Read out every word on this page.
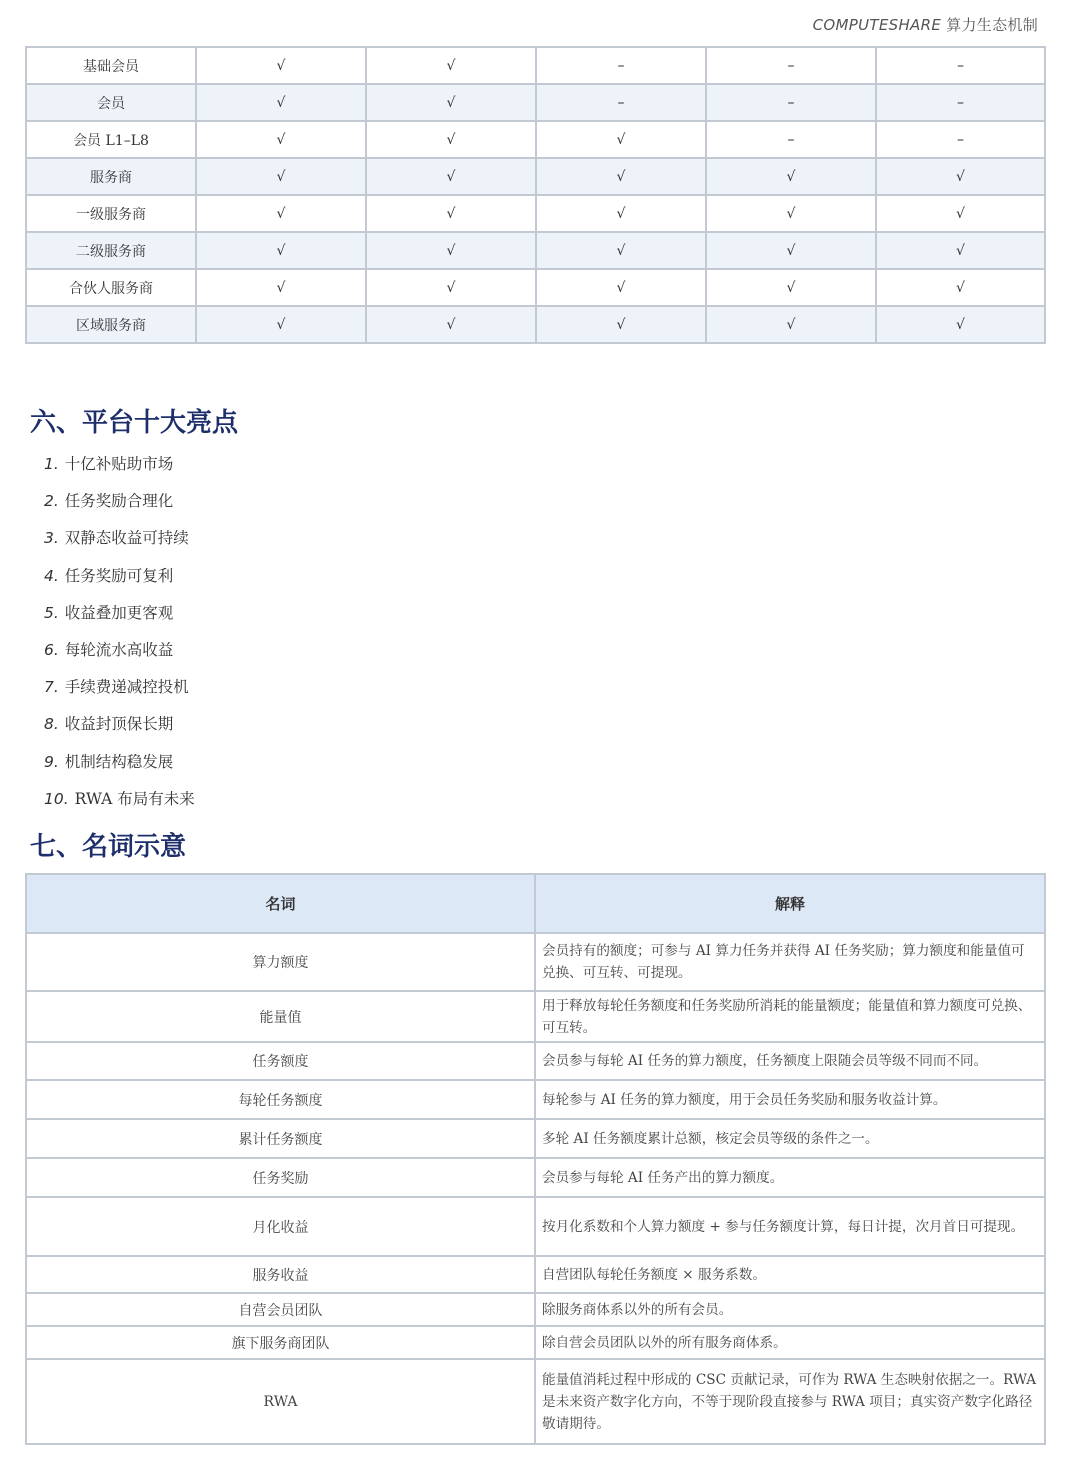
COMPUTESHARE 算力生态机制
基础会员	√	√	–	–	–
会员	√	√	–	–	–
会员 L1–L8	√	√	√	–	–
服务商	√	√	√	√	√
一级服务商	√	√	√	√	√
二级服务商	√	√	√	√	√
合伙人服务商	√	√	√	√	√
区域服务商	√	√	√	√	√
六、平台十大亮点
1. 十亿补贴助市场
2. 任务奖励合理化
3. 双静态收益可持续
4. 任务奖励可复利
5. 收益叠加更客观
6. 每轮流水高收益
7. 手续费递减控投机
8. 收益封顶保长期
9. 机制结构稳发展
10. RWA 布局有未来
七、名词示意
名词	解释
算力额度	会员持有的额度；可参与 AI 算力任务并获得 AI 任务奖励；算力额度和能量值可兑换、可互转、可提现。
能量值	用于释放每轮任务额度和任务奖励所消耗的能量额度；能量值和算力额度可兑换、可互转。
任务额度	会员参与每轮 AI 任务的算力额度，任务额度上限随会员等级不同而不同。
每轮任务额度	每轮参与 AI 任务的算力额度，用于会员任务奖励和服务收益计算。
累计任务额度	多轮 AI 任务额度累计总额，核定会员等级的条件之一。
任务奖励	会员参与每轮 AI 任务产出的算力额度。
月化收益	按月化系数和个人算力额度 + 参与任务额度计算，每日计提，次月首日可提现。
服务收益	自营团队每轮任务额度 × 服务系数。
自营会员团队	除服务商体系以外的所有会员。
旗下服务商团队	除自营会员团队以外的所有服务商体系。
RWA	能量值消耗过程中形成的 CSC 贡献记录，可作为 RWA 生态映射依据之一。RWA 是未来资产数字化方向，不等于现阶段直接参与 RWA 项目；真实资产数字化路径敬请期待。
